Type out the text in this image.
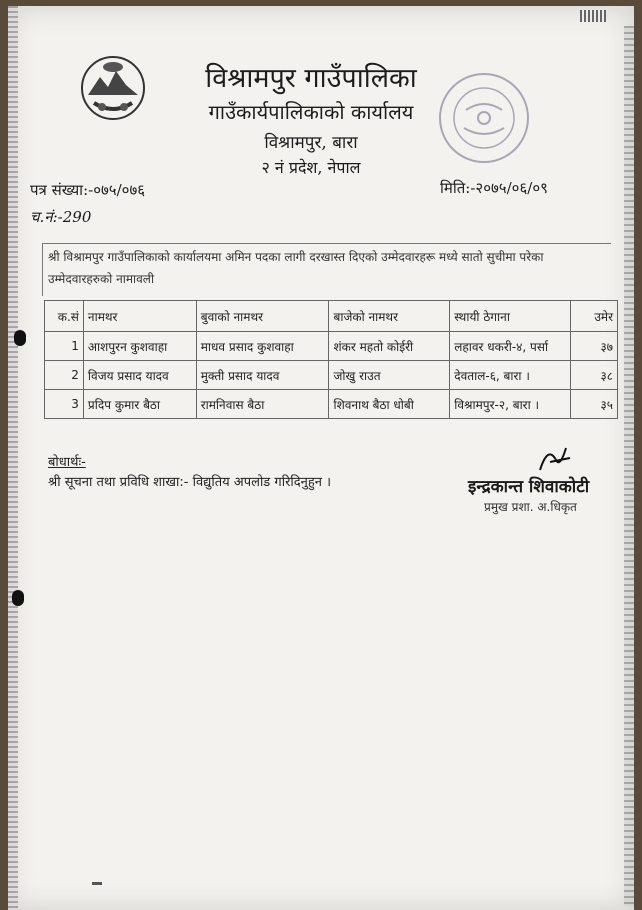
विश्रामपुर गाउँपालिका
गाउँकार्यपालिकाको कार्यालय
विश्रामपुर, बारा
२ नं प्रदेश, नेपाल
पत्र संख्या:-०७५/०७६	मिति:-२०७५/०६/०९
च.नं:-290
श्री विश्रामपुर गाउँपालिकाको कार्यालयमा अमिन पदका लागी दरखास्त दिएको उम्मेदवारहरू मध्ये सातो सुचीमा परेका उम्मेदवारहरुको नामावली
क.सं	नामथर	बुवाको नामथर	बाजेको नामथर	स्थायी ठेगाना	उमेर
1	आशपुरन कुशवाहा	माधव प्रसाद कुशवाहा	शंकर महतो कोईरी	लहावर धकरी-४, पर्सा	३७
2	विजय प्रसाद यादव	मुक्ती प्रसाद यादव	जोखु राउत	देवताल-६, बारा ।	३८
3	प्रदिप कुमार बैठा	रामनिवास बैठा	शिवनाथ बैठा धोबी	विश्रामपुर-२, बारा ।	३५
बोधार्थः-
श्री सूचना तथा प्रविधि शाखा:- विद्युतिय अपलोड गरिदिनुहुन ।	इन्द्रकान्त शिवाकोटी
प्रमुख प्रशा. अ.धिकृत
